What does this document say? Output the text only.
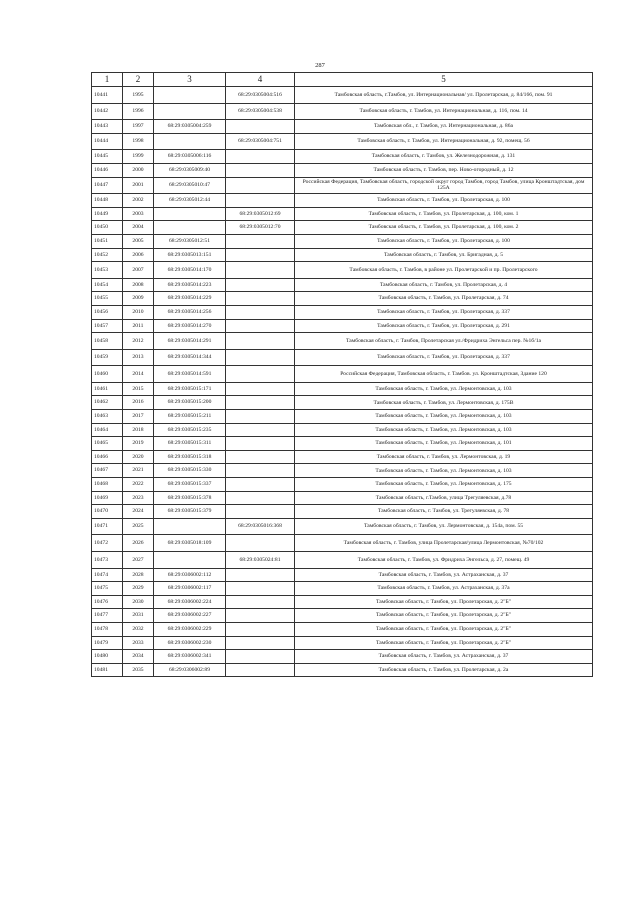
287
1	2	3	4	5
10441	1995		68:29:0305004:516	Тамбовская область, г.Тамбов, ул. Интернациональная/ ул. Пролетарская, д. 84/166, пом. 91
10442	1996		68:29:0305004:538	Тамбовская область, г. Тамбов, ул. Интернациональная, д. 116, пом. 14
10443	1997	68:29:0305004:259		Тамбовская обл., г. Тамбов, ул. Интернациональная, д. 86а
10444	1998		68:29:0305004:751	Тамбовская область, г. Тамбов, ул. Интернациональная, д. 92, помещ. 56
10445	1999	68:29:0305006:116		Тамбовская область, г. Тамбов, ул. Железнодорожная, д. 131
10446	2000	68:29:0305009:40		Тамбовская область, г. Тамбов, пер. Ново-огородный, д. 12
10447	2001	68:29:0305010:47		Российская Федерация, Тамбовская область, городской округ город Тамбов, город Тамбов, улица Кронштадтская, дом 125А
10448	2002	68:29:0305012:44		Тамбовская область, г. Тамбов, ул. Пролетарская, д. 100
10449	2003		68:29:0305012:69	Тамбовская область, г. Тамбов, ул. Пролетарская, д. 100, ком. 1
10450	2004		68:29:0305012:70	Тамбовская область, г. Тамбов, ул. Пролетарская, д. 100, ком. 2
10451	2005	68:29:0305012:51		Тамбовская область, г. Тамбов, ул. Пролетарская, д. 100
10452	2006	68:29:0305013:151		Тамбовская область, г. Тамбов, ул. Бригадная, д. 5
10453	2007	68:29:0305014:170		Тамбовская область, г. Тамбов, в районе ул. Пролетарской и пр. Пролетарского
10454	2008	68:29:0305014:223		Тамбовская область, г. Тамбов, ул. Пролетарская, д. 4
10455	2009	68:29:0305014:229		Тамбовская область, г. Тамбов, ул. Пролетарская, д. 74
10456	2010	68:29:0305014:256		Тамбовская область, г. Тамбов, ул. Пролетарская, д. 337
10457	2011	68:29:0305014:270		Тамбовская область, г. Тамбов, ул. Пролетарская, д. 291
10458	2012	68:29:0305014:291		Тамбовская область, г. Тамбов, Пролетарская ул./Фридриха Энгельса пер. №1б/1а
10459	2013	68:29:0305014:344		Тамбовская область, г. Тамбов, ул. Пролетарская, д. 337
10460	2014	68:29:0305014:591		Российская Федерация, Тамбовская область, г. Тамбов. ул. Кронштадтская, Здание 120
10461	2015	68:29:0305015:171		Тамбовская область, г. Тамбов, ул. Лермонтовская, д. 103
10462	2016	68:29:0305015:200		Тамбовская область, г. Тамбов, ул. Лермонтовская, д. 175В
10463	2017	68:29:0305015:211		Тамбовская область, г. Тамбов, ул. Лермонтовская, д. 103
10464	2018	68:29:0305015:235		Тамбовская область, г. Тамбов, ул. Лермонтовская, д. 103
10465	2019	68:29:0305015:311		Тамбовская область, г. Тамбов, ул. Лермонтовская, д. 101
10466	2020	68:29:0305015:318		Тамбовская область, г. Тамбов, ул. Лермонтовская, д. 19
10467	2021	68:29:0305015:330		Тамбовская область, г. Тамбов, ул. Лермонтовская, д. 103
10468	2022	68:29:0305015:337		Тамбовская область, г. Тамбов, ул. Лермонтовская, д. 175
10469	2023	68:29:0305015:378		Тамбовская область, г.Тамбов, улица Трегуляевская, д.78
10470	2024	68:29:0305015:379		Тамбовская область, г. Тамбов, ул. Трегуляевская, д. 78
10471	2025		68:29:0305016:368	Тамбовская область, г. Тамбов, ул. Лермонтовская, д. 154а, пом. 55
10472	2026	68:29:0305018:109		Тамбовская область, г. Тамбов, улица Пролетарская/улица Лермонтовская, №70/102
10473	2027		68:29:0305024:81	Тамбовская область, г. Тамбов, ул. Фридриха Энгельса, д. 27, помещ. 49
10474	2028	68:29:0306002:112		Тамбовская область, г. Тамбов, ул. Астраханская, д. 37
10475	2029	68:29:0306002:117		Тамбовская область, г. Тамбов, ул. Астраханская, д. 37а
10476	2030	68:29:0306002:224		Тамбовская область, г. Тамбов, ул. Пролетарская, д. 2"Б"
10477	2031	68:29:0306002:227		Тамбовская область, г. Тамбов, ул. Пролетарская, д. 2"Б"
10478	2032	68:29:0306002:229		Тамбовская область, г. Тамбов, ул. Пролетарская, д. 2"Б"
10479	2033	68:29:0306002:230		Тамбовская область, г. Тамбов, ул. Пролетарская, д. 2"Б"
10480	2034	68:29:0306002:341		Тамбовская область, г. Тамбов, ул. Астраханская, д. 37
10481	2035	68:29:0306002:89		Тамбовская область, г. Тамбов, ул. Пролетарская, д. 2а
